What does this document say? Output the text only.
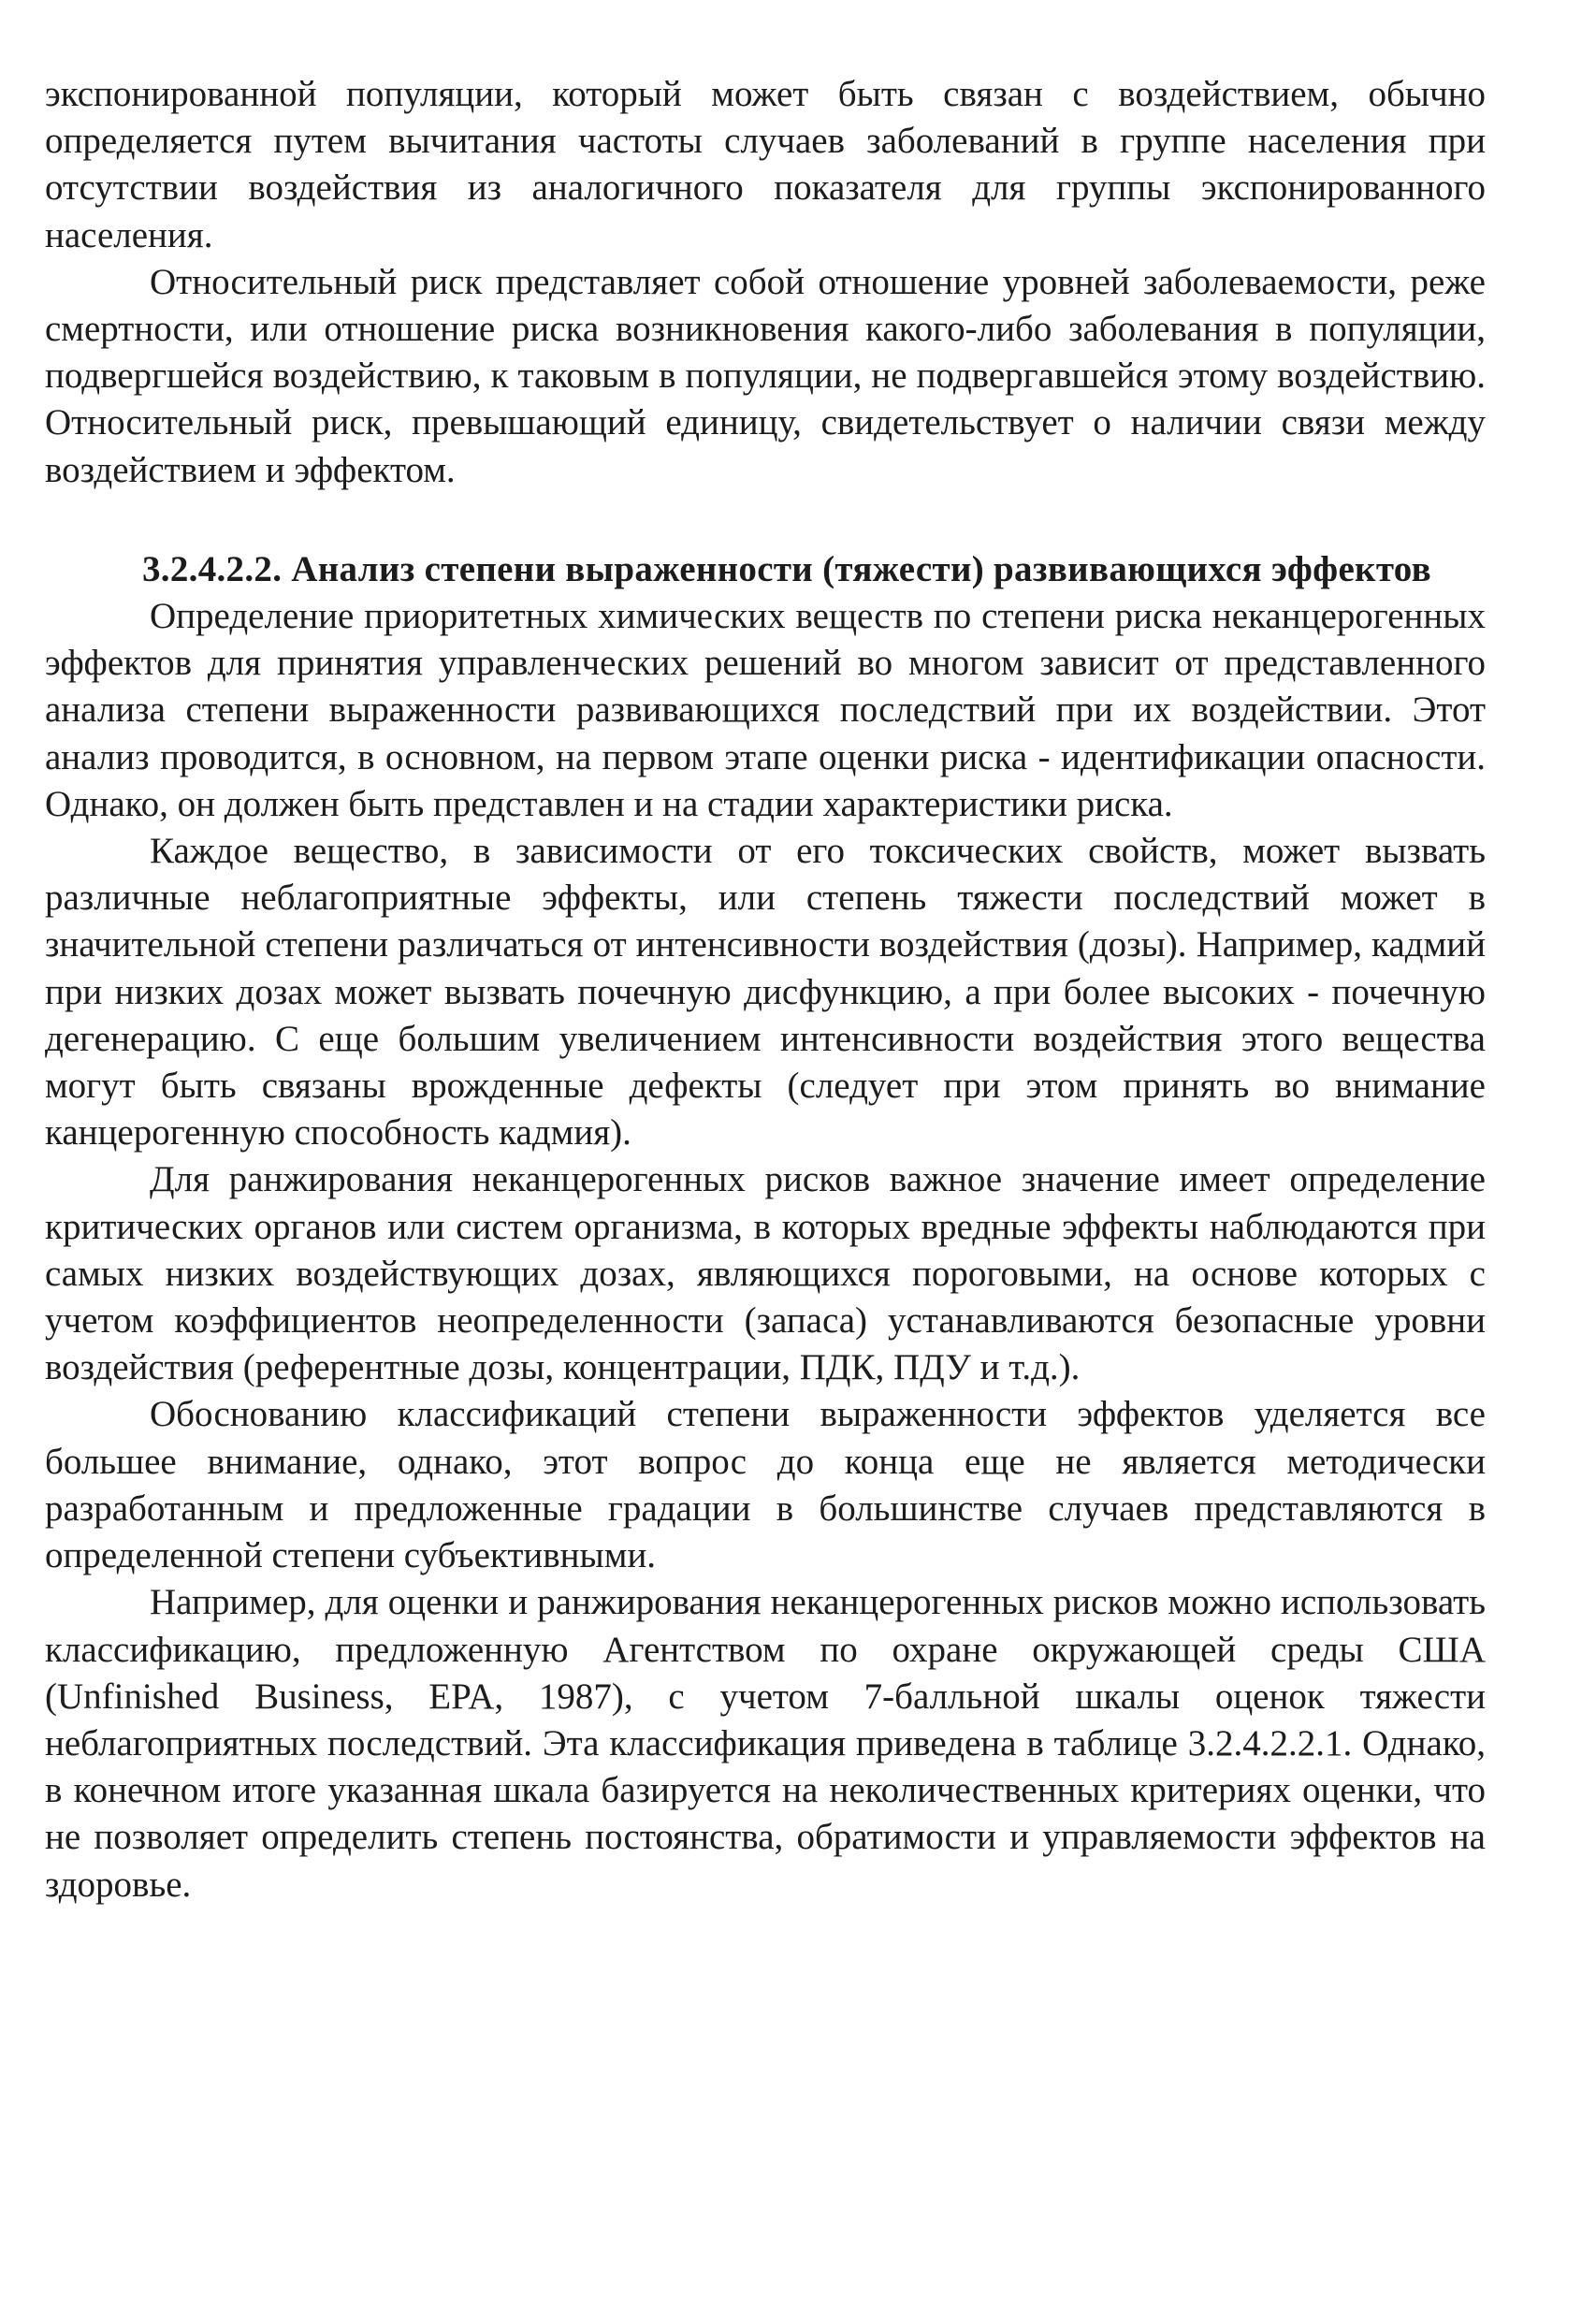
экспонированной популяции, который может быть связан с воздействием, обычно определяется путем вычитания частоты случаев заболеваний в группе населения при отсутствии воздействия из аналогичного показателя для группы экспонированного населения.

Относительный риск представляет собой отношение уровней заболеваемости, реже смертности, или отношение риска возникновения какого-либо заболевания в популяции, подвергшейся воздействию, к таковым в популяции, не подвергавшейся этому воздействию. Относительный риск, превышающий единицу, свидетельствует о наличии связи между воздействием и эффектом.

3.2.4.2.2. Анализ степени выраженности (тяжести) развивающихся эффектов

Определение приоритетных химических веществ по степени риска неканцерогенных эффектов для принятия управленческих решений во многом зависит от представленного анализа степени выраженности развивающихся последствий при их воздействии. Этот анализ проводится, в основном, на первом этапе оценки риска - идентификации опасности. Однако, он должен быть представлен и на стадии характеристики риска.

Каждое вещество, в зависимости от его токсических свойств, может вызвать различные неблагоприятные эффекты, или степень тяжести последствий может в значительной степени различаться от интенсивности воздействия (дозы). Например, кадмий при низких дозах может вызвать почечную дисфункцию, а при более высоких - почечную дегенерацию. С еще большим увеличением интенсивности воздействия этого вещества могут быть связаны врожденные дефекты (следует при этом принять во внимание канцерогенную способность кадмия).

Для ранжирования неканцерогенных рисков важное значение имеет определение критических органов или систем организма, в которых вредные эффекты наблюдаются при самых низких воздействующих дозах, являющихся пороговыми, на основе которых с учетом коэффициентов неопределенности (запаса) устанавливаются безопасные уровни воздействия (референтные дозы, концентрации, ПДК, ПДУ и т.д.).

Обоснованию классификаций степени выраженности эффектов уделяется все большее внимание, однако, этот вопрос до конца еще не является методически разработанным и предложенные градации в большинстве случаев представляются в определенной степени субъективными.

Например, для оценки и ранжирования неканцерогенных рисков можно использовать классификацию, предложенную Агентством по охране окружающей среды США (Unfinished Business, EPA, 1987), с учетом 7-балльной шкалы оценок тяжести неблагоприятных последствий. Эта классификация приведена в таблице 3.2.4.2.2.1. Однако, в конечном итоге указанная шкала базируется на неколичественных критериях оценки, что не позволяет определить степень постоянства, обратимости и управляемости эффектов на здоровье.
